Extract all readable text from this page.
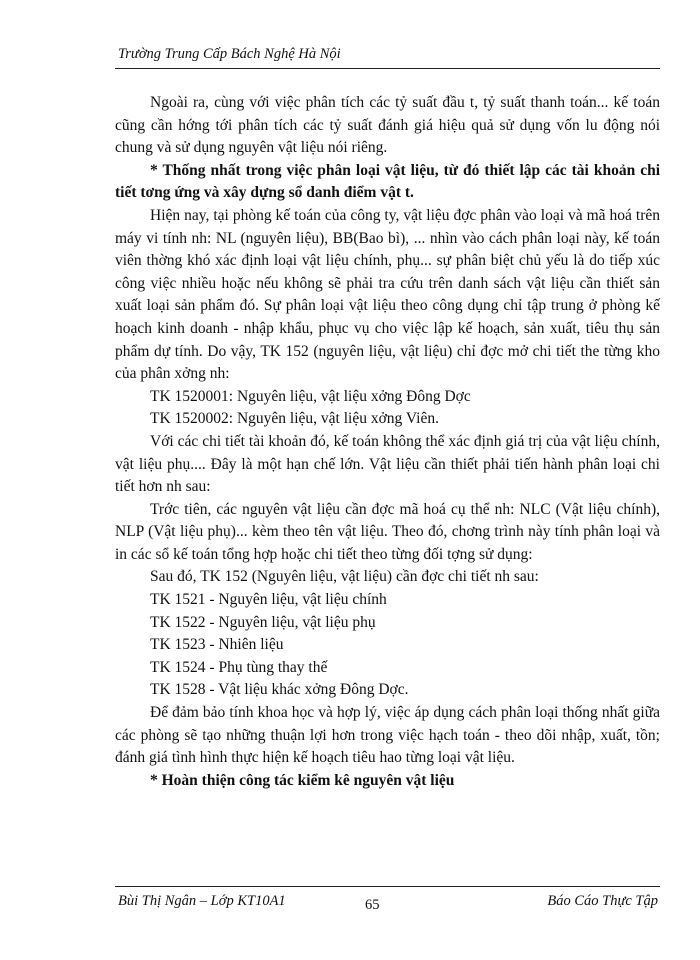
Trường Trung Cấp Bách Nghệ Hà Nội

Ngoài ra, cùng với việc phân tích các tỷ suất đầu t, tỷ suất thanh toán... kế toán cũng cần hớng tới phân tích các tỷ suất đánh giá hiệu quả sử dụng vốn lu động nói chung và sử dụng nguyên vật liệu nói riêng.

* Thống nhất trong việc phân loại vật liệu, từ đó thiết lập các tài khoản chi tiết tơng ứng và xây dựng sổ danh điểm vật t.

Hiện nay, tại phòng kế toán của công ty, vật liệu đợc phân vào loại và mã hoá trên máy vi tính nh: NL (nguyên liệu), BB(Bao bì), ... nhìn vào cách phân loại này, kế toán viên thờng khó xác định loại vật liệu chính, phụ... sự phân biệt chủ yếu là do tiếp xúc công việc nhiều hoặc nếu không sẽ phải tra cứu trên danh sách vật liệu cần thiết sản xuất loại sản phẩm đó. Sự phân loại vật liệu theo công dụng chỉ tập trung ở phòng kế hoạch kinh doanh - nhập khẩu, phục vụ cho việc lập kế hoạch, sản xuất, tiêu thụ sản phẩm dự tính. Do vậy, TK 152 (nguyên liệu, vật liệu) chỉ đợc mở chi tiết the từng kho của phân xởng nh:

TK 1520001: Nguyên liệu, vật liệu xởng Đông Dợc

TK 1520002: Nguyên liệu, vật liệu xởng Viên.

Với các chi tiết tài khoản đó, kế toán không thể xác định giá trị của vật liệu chính, vật liệu phụ.... Đây là một hạn chế lớn. Vật liệu cần thiết phải tiến hành phân loại chi tiết hơn nh sau:

Trớc tiên, các nguyên vật liệu cần đợc mã hoá cụ thể nh: NLC (Vật liệu chính), NLP (Vật liệu phụ)... kèm theo tên vật liệu. Theo đó, chơng trình này tính phân loại và in các sổ kế toán tổng hợp hoặc chi tiết theo từng đối tợng sử dụng:

Sau đó, TK 152 (Nguyên liệu, vật liệu) cần đợc chi tiết nh sau:

TK 1521 - Nguyên liệu, vật liệu chính

TK 1522 - Nguyên liệu, vật liệu phụ

TK 1523 - Nhiên liệu

TK 1524 - Phụ tùng thay thế

TK 1528 - Vật liệu khác xởng Đông Dợc.

Để đảm bảo tính khoa học và hợp lý, việc áp dụng cách phân loại thống nhất giữa các phòng sẽ tạo những thuận lợi hơn trong việc hạch toán - theo dõi nhập, xuất, tồn; đánh giá tình hình thực hiện kế hoạch tiêu hao từng loại vật liệu.

* Hoàn thiện công tác kiểm kê nguyên vật liệu

Bùi Thị Ngân – Lớp KT10A1	65	Báo Cáo Thực Tập
